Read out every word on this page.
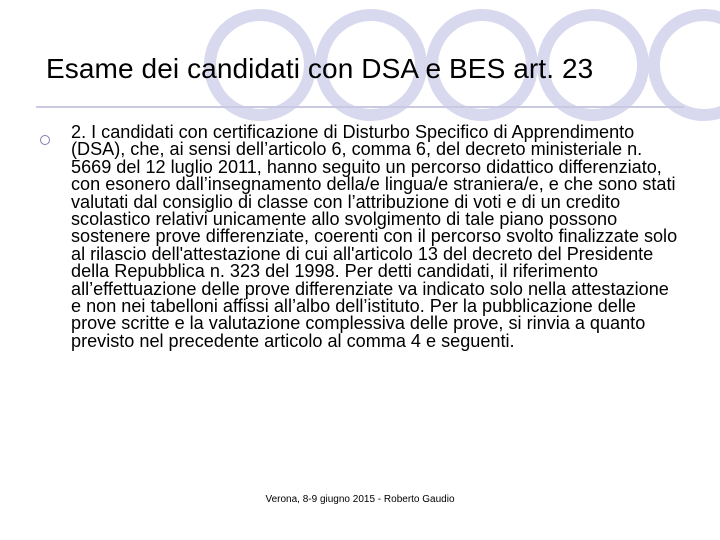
Esame dei candidati con DSA e BES art. 23
2. I candidati con certificazione di Disturbo Specifico di Apprendimento (DSA), che, ai sensi dell’articolo 6, comma 6, del decreto ministeriale n. 5669 del 12 luglio 2011, hanno seguito un percorso didattico differenziato, con esonero dall’insegnamento della/e lingua/e straniera/e, e che sono stati valutati dal consiglio di classe con l’attribuzione di voti e di un credito scolastico relativi unicamente allo svolgimento di tale piano possono sostenere prove differenziate, coerenti con il percorso svolto finalizzate solo al rilascio dell'attestazione di cui all'articolo 13 del decreto del Presidente della Repubblica n. 323 del 1998. Per detti candidati, il riferimento all’effettuazione delle prove differenziate va indicato solo nella attestazione e non nei tabelloni affissi all’albo dell’istituto. Per la pubblicazione delle prove scritte e la valutazione complessiva delle prove, si rinvia a quanto previsto nel precedente articolo al comma 4 e seguenti.
Verona, 8-9 giugno 2015 - Roberto Gaudio
